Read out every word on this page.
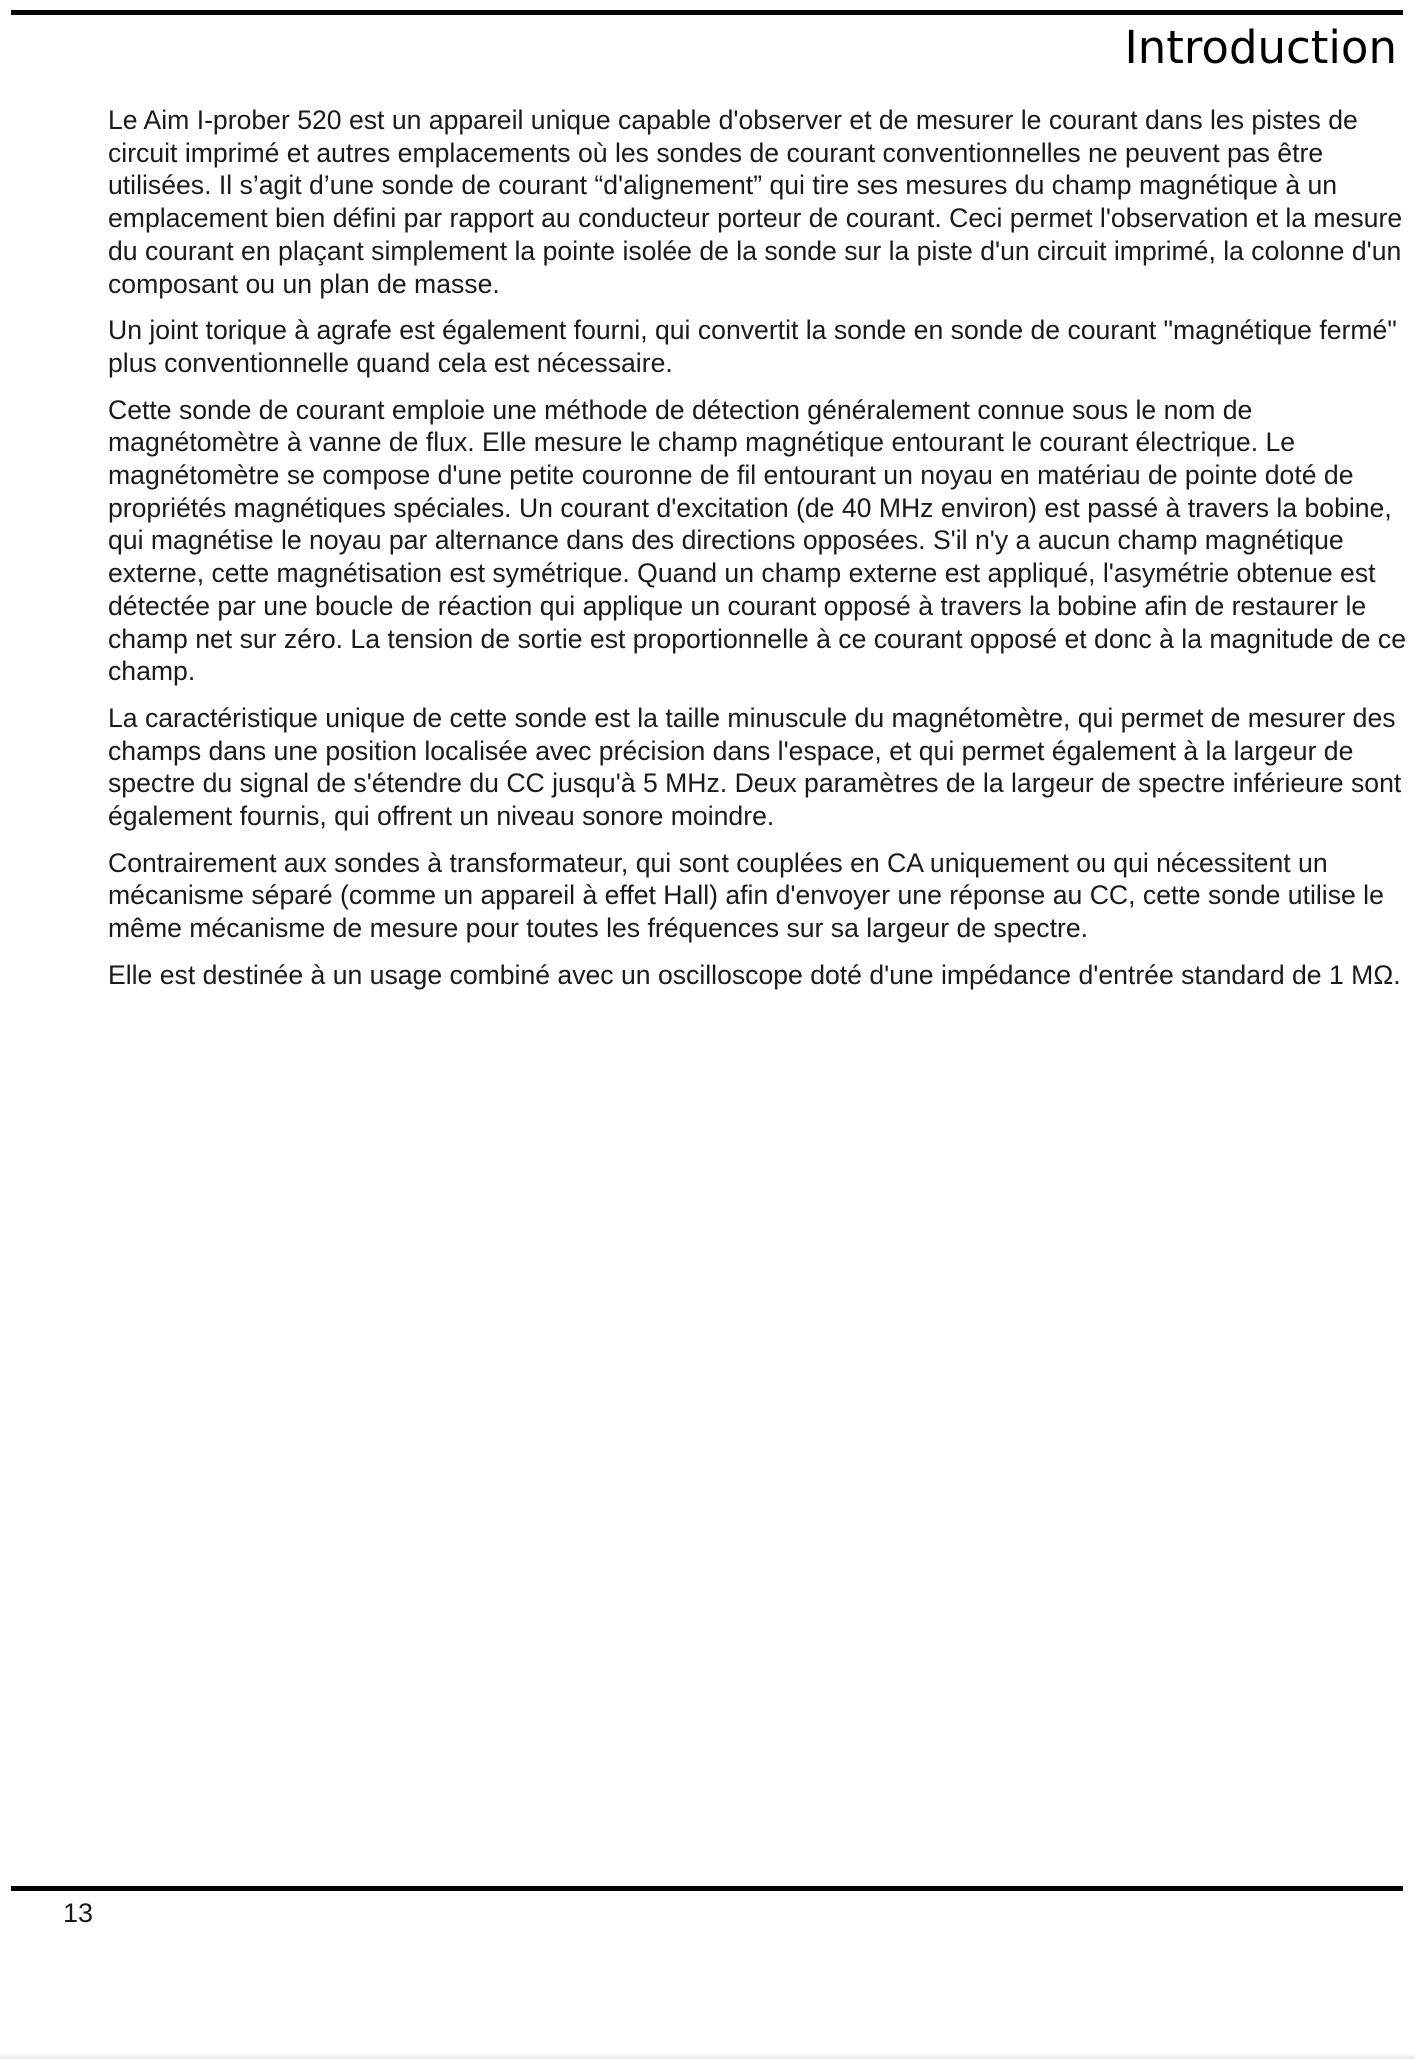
Introduction

Le Aim I-prober 520 est un appareil unique capable d'observer et de mesurer le courant dans les pistes de circuit imprimé et autres emplacements où les sondes de courant conventionnelles ne peuvent pas être utilisées. Il s’agit d’une sonde de courant “d'alignement” qui tire ses mesures du champ magnétique à un emplacement bien défini par rapport au conducteur porteur de courant. Ceci permet l'observation et la mesure du courant en plaçant simplement la pointe isolée de la sonde sur la piste d'un circuit imprimé, la colonne d'un composant ou un plan de masse.

Un joint torique à agrafe est également fourni, qui convertit la sonde en sonde de courant "magnétique fermé" plus conventionnelle quand cela est nécessaire.

Cette sonde de courant emploie une méthode de détection généralement connue sous le nom de magnétomètre à vanne de flux. Elle mesure le champ magnétique entourant le courant électrique. Le magnétomètre se compose d'une petite couronne de fil entourant un noyau en matériau de pointe doté de propriétés magnétiques spéciales. Un courant d'excitation (de 40 MHz environ) est passé à travers la bobine, qui magnétise le noyau par alternance dans des directions opposées. S'il n'y a aucun champ magnétique externe, cette magnétisation est symétrique. Quand un champ externe est appliqué, l'asymétrie obtenue est détectée par une boucle de réaction qui applique un courant opposé à travers la bobine afin de restaurer le champ net sur zéro. La tension de sortie est proportionnelle à ce courant opposé et donc à la magnitude de ce champ.

La caractéristique unique de cette sonde est la taille minuscule du magnétomètre, qui permet de mesurer des champs dans une position localisée avec précision dans l'espace, et qui permet également à la largeur de spectre du signal de s'étendre du CC jusqu'à 5 MHz. Deux paramètres de la largeur de spectre inférieure sont également fournis, qui offrent un niveau sonore moindre.

Contrairement aux sondes à transformateur, qui sont couplées en CA uniquement ou qui nécessitent un mécanisme séparé (comme un appareil à effet Hall) afin d'envoyer une réponse au CC, cette sonde utilise le même mécanisme de mesure pour toutes les fréquences sur sa largeur de spectre.

Elle est destinée à un usage combiné avec un oscilloscope doté d'une impédance d'entrée standard de 1 MΩ.

13
